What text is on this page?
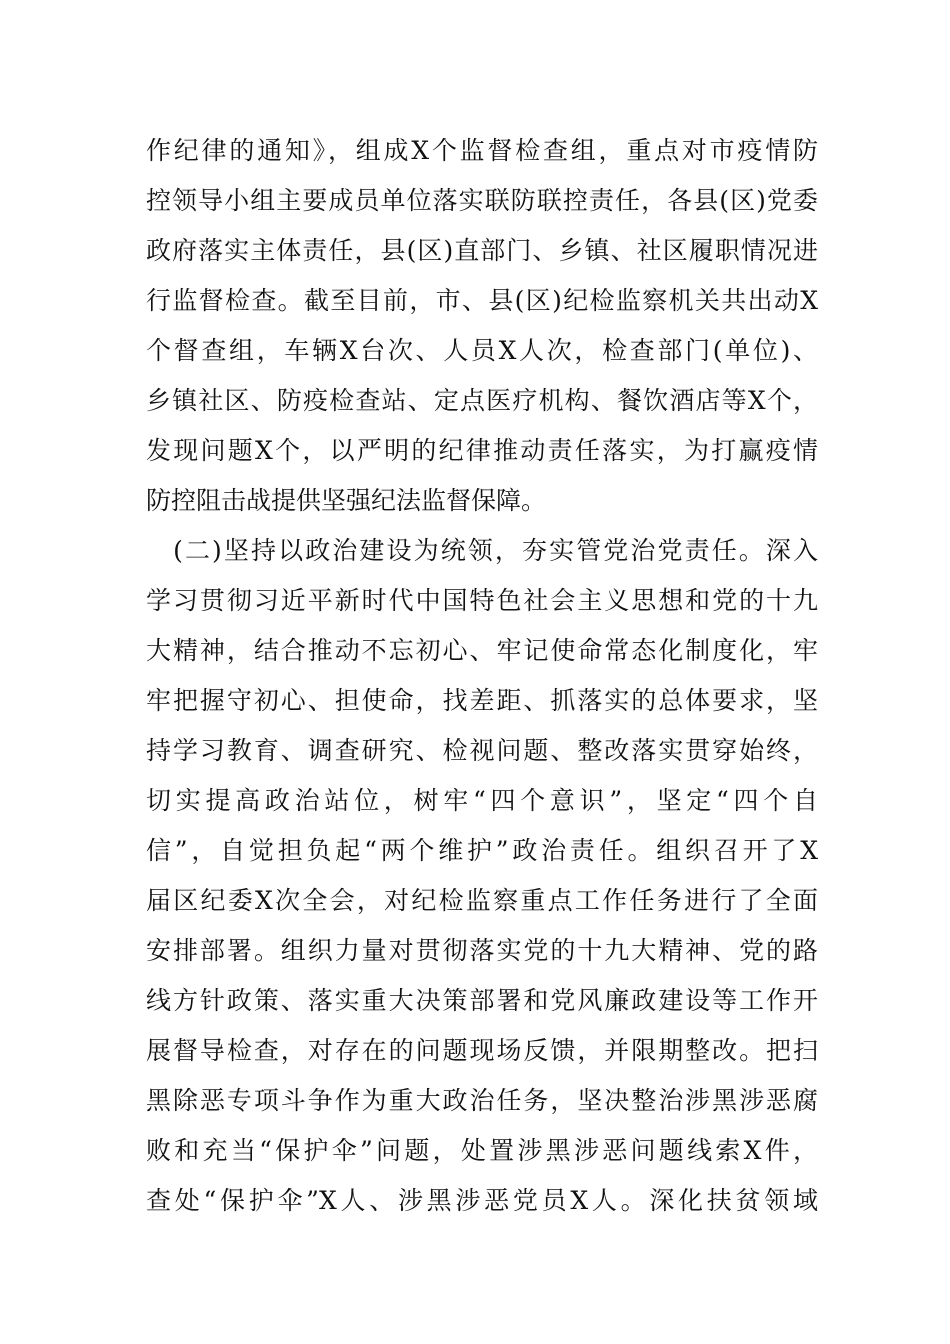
作纪律的通知》，组成X个监督检查组，重点对市疫情防
控领导小组主要成员单位落实联防联控责任，各县(区)党委
政府落实主体责任，县(区)直部门、乡镇、社区履职情况进
行监督检查。截至目前，市、县(区)纪检监察机关共出动X
个督查组，车辆X台次、人员X人次，检查部门(单位)、
乡镇社区、防疫检查站、定点医疗机构、餐饮酒店等X个，
发现问题X个，以严明的纪律推动责任落实，为打赢疫情
防控阻击战提供坚强纪法监督保障。
　(二)坚持以政治建设为统领，夯实管党治党责任。深入
学习贯彻习近平新时代中国特色社会主义思想和党的十九
大精神，结合推动不忘初心、牢记使命常态化制度化，牢
牢把握守初心、担使命，找差距、抓落实的总体要求，坚
持学习教育、调查研究、检视问题、整改落实贯穿始终，
切实提高政治站位，树牢“四个意识”，坚定“四个自
信”，自觉担负起“两个维护”政治责任。组织召开了X
届区纪委X次全会，对纪检监察重点工作任务进行了全面
安排部署。组织力量对贯彻落实党的十九大精神、党的路
线方针政策、落实重大决策部署和党风廉政建设等工作开
展督导检查，对存在的问题现场反馈，并限期整改。把扫
黑除恶专项斗争作为重大政治任务，坚决整治涉黑涉恶腐
败和充当“保护伞”问题，处置涉黑涉恶问题线索X件，
查处“保护伞”X人、涉黑涉恶党员X人。深化扶贫领域
